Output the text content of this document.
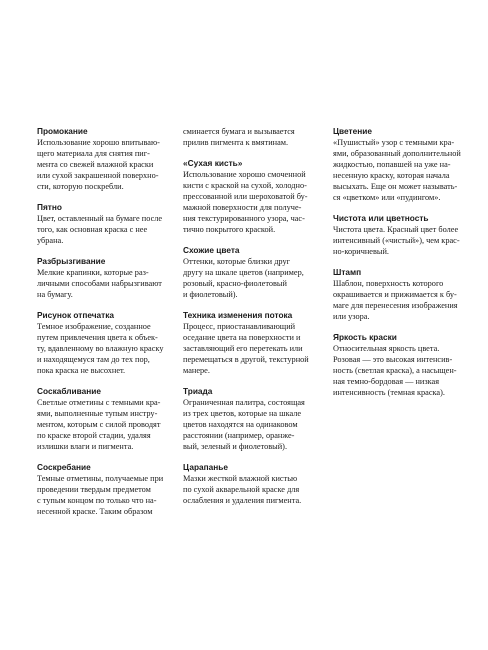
Промокание

Использование хорошо впитываю-
щего материала для снятия пиг-
мента со свежей влажной краски
или сухой закрашенной поверхно-
сти, которую поскребли.

Пятно

Цвет, оставленный на бумаге после
того, как основная краска с нее
убрана.

Разбрызгивание

Мелкие крапинки, которые раз-
личными способами набрызгивают
на бумагу.

Рисунок отпечатка

Темное изображение, созданное
путем привлечения цвета к объек-
ту, вдавленному во влажную краску
и находящемуся там до тех пор,
пока краска не высохнет.

Соскабливание

Светлые отметины с темными кра-
ями, выполненные тупым инстру-
ментом, которым с силой проводят
по краске второй стадии, удаляя
излишки влаги и пигмента.

Соскребание

Темные отметины, получаемые при
проведении твердым предметом
с тупым концом по только что на-
несенной краске. Таким образом
сминается бумага и вызывается
прилив пигмента к вмятинам.

«Сухая кисть»

Использование хорошо смоченной
кисти с краской на сухой, холодно-
прессованной или шероховатой бу-
мажной поверхности для получе-
ния текстурированного узора, час-
тично покрытого краской.

Схожие цвета

Оттенки, которые близки друг
другу на шкале цветов (например,
розовый, красно-фиолетовый
и фиолетовый).

Техника изменения потока

Процесс, приостанавливающий
оседание цвета на поверхности и
заставляющий его перетекать или
перемещаться в другой, текстурной
манере.

Триада

Ограниченная палитра, состоящая
из трех цветов, которые на шкале
цветов находятся на одинаковом
расстоянии (например, оранже-
вый, зеленый и фиолетовый).

Царапанье

Мазки жесткой влажной кистью
по сухой акварельной краске для
ослабления и удаления пигмента.

Цветение

«Пушистый» узор с темными кра-
ями, образованный дополнительной
жидкостью, попавшей на уже на-
несенную краску, которая начала
высыхать. Еще он может называть-
ся «цветком» или «пудингом».

Чистота или цветность

Чистота цвета. Красный цвет более
интенсивный («чистый»), чем крас-
но-коричневый.

Штамп

Шаблон, поверхность которого
окрашивается и прижимается к бу-
маге для перенесения изображения
или узора.

Яркость краски

Относительная яркость цвета.
Розовая — это высокая интенсив-
ность (светлая краска), а насыщен-
ная темно-бордовая — низкая
интенсивность (темная краска).
